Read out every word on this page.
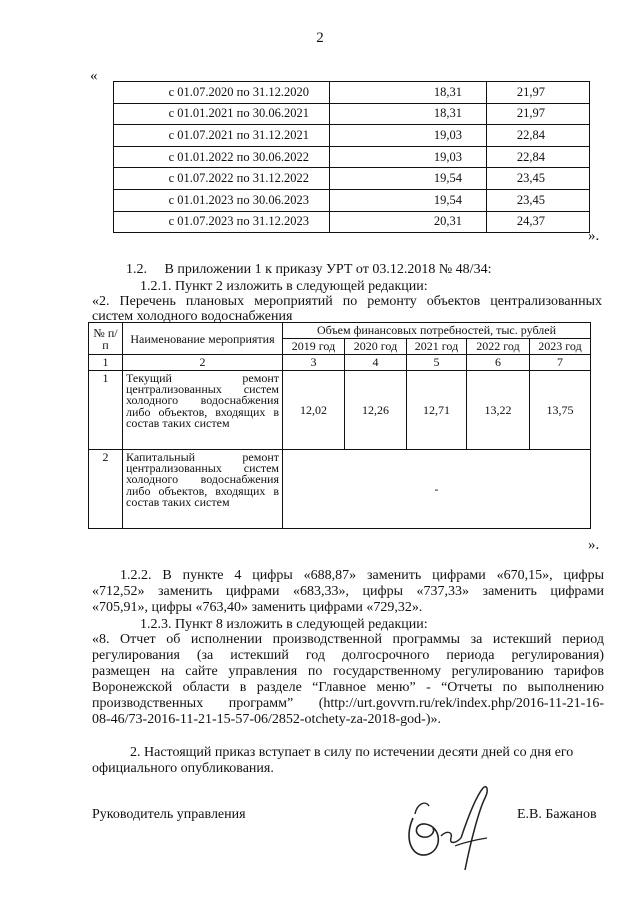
2
«
с 01.07.2020 по 31.12.2020	18,31	21,97
с 01.01.2021 по 30.06.2021	18,31	21,97
с 01.07.2021 по 31.12.2021	19,03	22,84
с 01.01.2022 по 30.06.2022	19,03	22,84
с 01.07.2022 по 31.12.2022	19,54	23,45
с 01.01.2023 по 30.06.2023	19,54	23,45
с 01.07.2023 по 31.12.2023	20,31	24,37
».
1.2.     В приложении 1 к приказу УРТ от 03.12.2018 № 48/34:
1.2.1. Пункт 2 изложить в следующей редакции:
«2. Перечень плановых мероприятий по ремонту объектов централизованных
систем холодного водоснабжения
№ п/п	Наименование мероприятия	Объем финансовых потребностей, тыс. рублей				
		2019 год	2020 год	2021 год	2022 год	2023 год
1	2	3	4	5	6	7
1	Текущий ремонт централизованных систем холодного водоснабжения либо объектов, входящих в состав таких систем	12,02	12,26	12,71	13,22	13,75
2	Капитальный ремонт централизованных систем холодного водоснабжения либо объектов, входящих в состав таких систем	-				
».

1.2.2. В пункте 4 цифры «688,87» заменить цифрами «670,15», цифры

«712,52» заменить цифрами «683,33», цифры «737,33» заменить цифрами

«705,91», цифры «763,40» заменить цифрами «729,32».

1.2.3. Пункт 8 изложить в следующей редакции:

«8. Отчет об исполнении производственной программы за истекший период

регулирования (за истекший год долгосрочного периода регулирования)

размещен на сайте управления по государственному регулированию тарифов

Воронежской области в разделе “Главное меню” - “Отчеты по выполнению

производственных программ” (http://urt.govvrn.ru/rek/index.php/2016-11-21-16-

08-46/73-2016-11-21-15-57-06/2852-otchety-za-2018-god-)».

2. Настоящий приказ вступает в силу по истечении десяти дней со дня его

официального опубликования.

Руководитель управления	Е.В. Бажанов
